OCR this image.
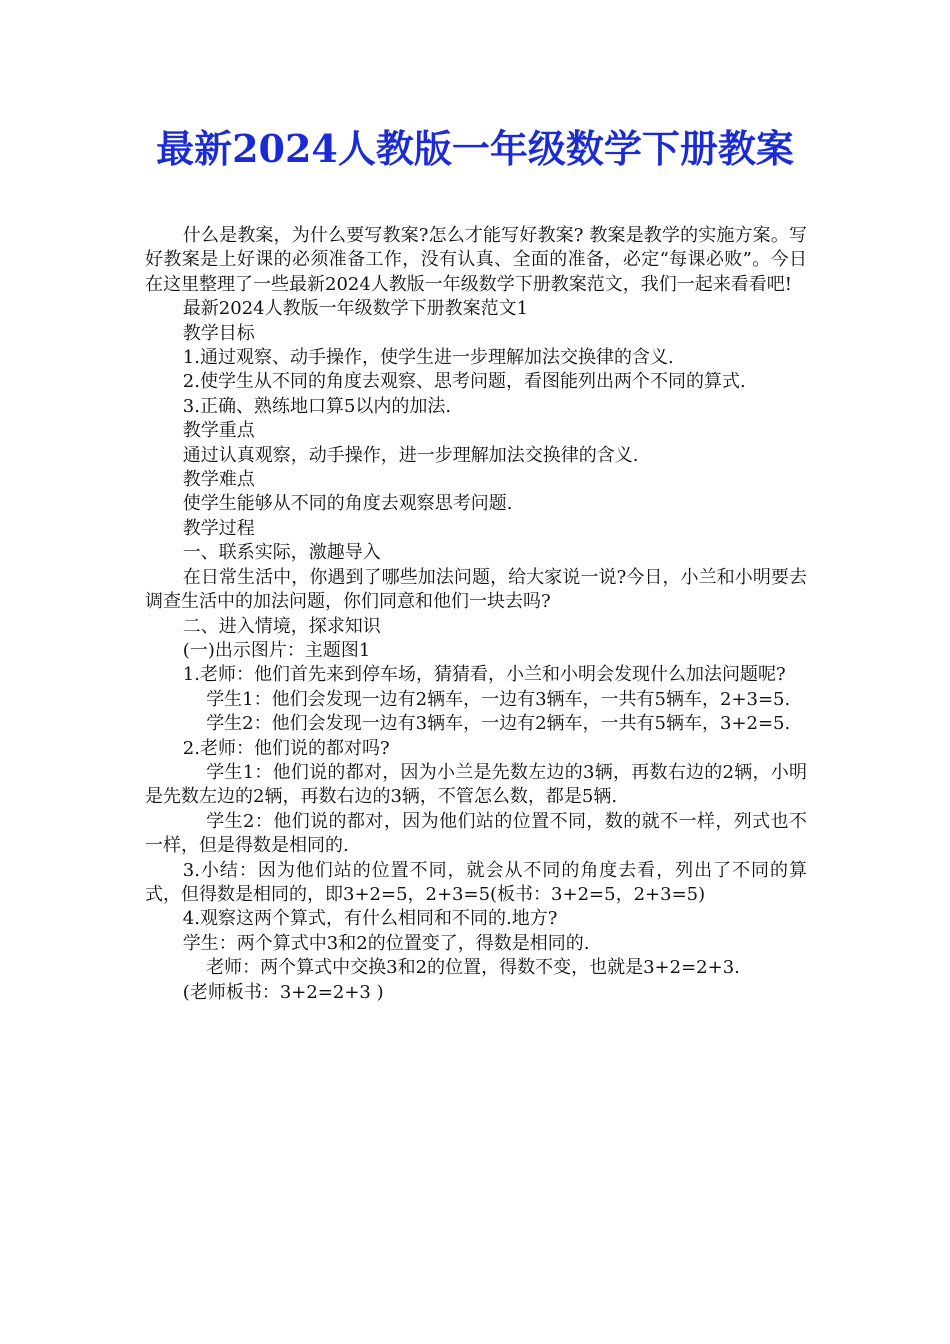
最新2024人教版一年级数学下册教案

什么是教案，为什么要写教案?怎么才能写好教案? 教案是教学的实施方案。写好教案是上好课的必须准备工作，没有认真、全面的准备，必定“每课必败”。今日在这里整理了一些最新2024人教版一年级数学下册教案范文，我们一起来看看吧!

最新2024人教版一年级数学下册教案范文1

教学目标

1.通过观察、动手操作，使学生进一步理解加法交换律的含义.

2.使学生从不同的角度去观察、思考问题，看图能列出两个不同的算式.

3.正确、熟练地口算5以内的加法.

教学重点

通过认真观察，动手操作，进一步理解加法交换律的含义.

教学难点

使学生能够从不同的角度去观察思考问题.

教学过程

一、联系实际，激趣导入

在日常生活中，你遇到了哪些加法问题，给大家说一说?今日，小兰和小明要去调查生活中的加法问题，你们同意和他们一块去吗?

二、进入情境，探求知识

(一)出示图片：主题图1

1.老师：他们首先来到停车场，猜猜看，小兰和小明会发现什么加法问题呢?

学生1：他们会发现一边有2辆车，一边有3辆车，一共有5辆车，2+3=5.

学生2：他们会发现一边有3辆车，一边有2辆车，一共有5辆车，3+2=5.

2.老师：他们说的都对吗?

学生1：他们说的都对，因为小兰是先数左边的3辆，再数右边的2辆，小明是先数左边的2辆，再数右边的3辆，不管怎么数，都是5辆.

学生2：他们说的都对，因为他们站的位置不同，数的就不一样，列式也不一样，但是得数是相同的.

3.小结：因为他们站的位置不同，就会从不同的角度去看，列出了不同的算式，但得数是相同的，即3+2=5，2+3=5(板书：3+2=5，2+3=5)

4.观察这两个算式，有什么相同和不同的.地方?

学生：两个算式中3和2的位置变了，得数是相同的.

老师：两个算式中交换3和2的位置，得数不变，也就是3+2=2+3.

(老师板书：3+2=2+3 )
